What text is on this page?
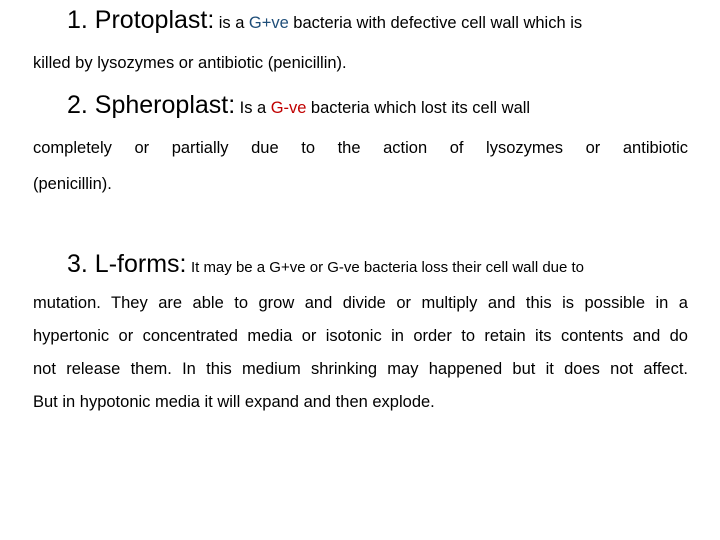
1. Protoplast: is a G+ve bacteria with defective cell wall which is
killed by lysozymes or antibiotic (penicillin).
2. Spheroplast: Is a G-ve bacteria which lost its cell wall
completely or partially due to the action of lysozymes or antibiotic
(penicillin).
3. L-forms: It may be a G+ve or G-ve bacteria loss their cell wall due to
mutation. They are able to grow and divide or multiply and this is possible in a
hypertonic or concentrated media or isotonic in order to retain its contents and do
not release them. In this medium shrinking may happened but it does not affect.
But in hypotonic media it will expand and then explode.
